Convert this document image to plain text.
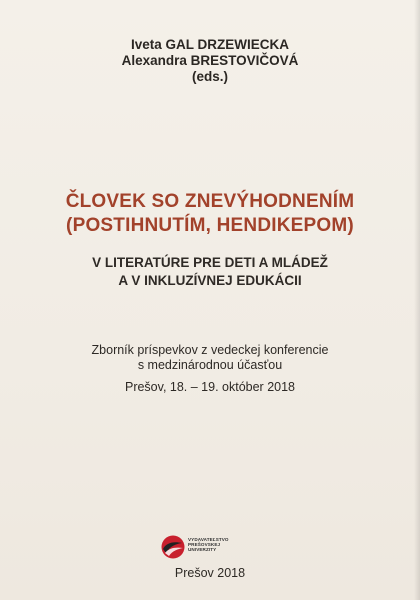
Iveta GAL DRZEWIECKA
Alexandra BRESTOVIČOVÁ
(eds.)
ČLOVEK SO ZNEVÝHODNENÍM
(POSTIHNUTÍM, HENDIKEPOM)
V LITERATÚRE PRE DETI A MLÁDEŽ
A V INKLUZÍVNEJ EDUKÁCII
Zborník príspevkov z vedeckej konferencie
s medzinárodnou účasťou
Prešov, 18. – 19. október 2018
VYDAVATEĽSTVO
PREŠOVSKEJ
UNIVERZITY
Prešov 2018
